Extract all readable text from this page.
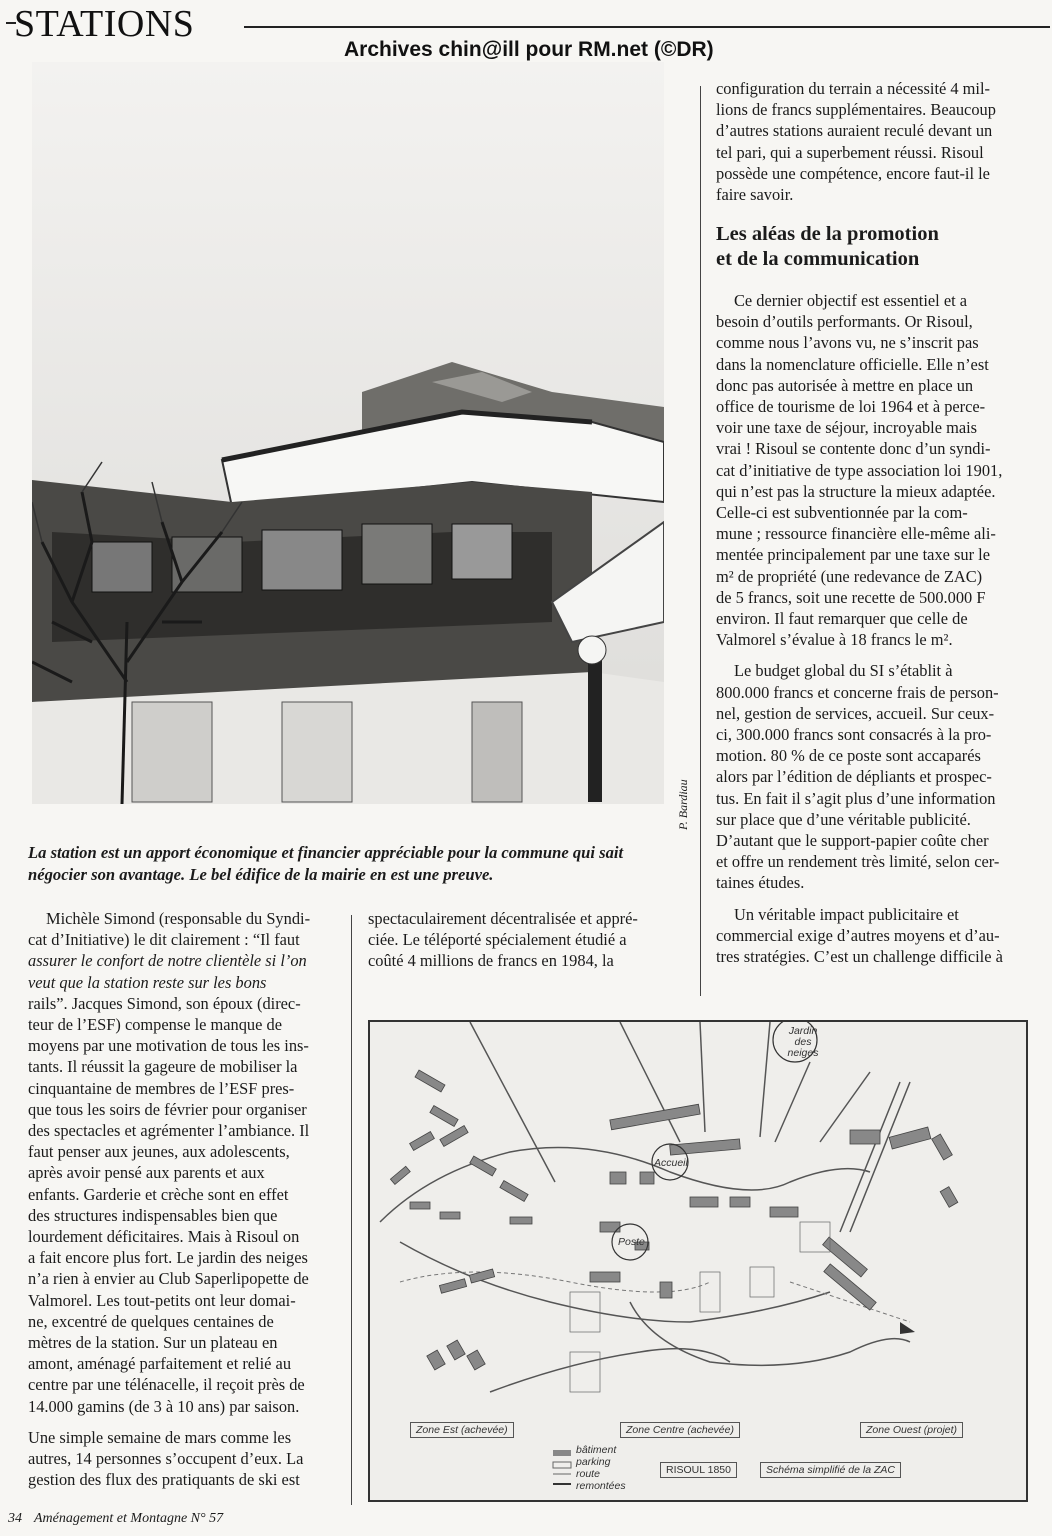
STATIONS
Archives chin@ill pour RM.net (©DR)
P. Bardiau
La station est un apport économique et financier appréciable pour la commune qui sait négocier son avantage. Le bel édifice de la mairie en est une preuve.

configuration du terrain a nécessité 4 mil-

lions de francs supplémentaires. Beaucoup

d’autres stations auraient reculé devant un

tel pari, qui a superbement réussi. Risoul

possède une compétence, encore faut-il le

faire savoir.

Les aléas de la promotion
et de la communication

Ce dernier objectif est essentiel et a

besoin d’outils performants. Or Risoul,

comme nous l’avons vu, ne s’inscrit pas

dans la nomenclature officielle. Elle n’est

donc pas autorisée à mettre en place un

office de tourisme de loi 1964 et à perce-

voir une taxe de séjour, incroyable mais

vrai ! Risoul se contente donc d’un syndi-

cat d’initiative de type association loi 1901,

qui n’est pas la structure la mieux adaptée.

Celle-ci est subventionnée par la com-

mune ; ressource financière elle-même ali-

mentée principalement par une taxe sur le

m² de propriété (une redevance de ZAC)

de 5 francs, soit une recette de 500.000 F

environ. Il faut remarquer que celle de

Valmorel s’évalue à 18 francs le m².

Le budget global du SI s’établit à

800.000 francs et concerne frais de person-

nel, gestion de services, accueil. Sur ceux-

ci, 300.000 francs sont consacrés à la pro-

motion. 80 % de ce poste sont accaparés

alors par l’édition de dépliants et prospec-

tus. En fait il s’agit plus d’une information

sur place que d’une véritable publicité.

D’autant que le support-papier coûte cher

et offre un rendement très limité, selon cer-

taines études.

Un véritable impact publicitaire et

commercial exige d’autres moyens et d’au-

tres stratégies. C’est un challenge difficile à

Michèle Simond (responsable du Syndi-

cat d’Initiative) le dit clairement : “Il faut

assurer le confort de notre clientèle si l’on

veut que la station reste sur les bons

rails”. Jacques Simond, son époux (direc-

teur de l’ESF) compense le manque de

moyens par une motivation de tous les ins-

tants. Il réussit la gageure de mobiliser la

cinquantaine de membres de l’ESF pres-

que tous les soirs de février pour organiser

des spectacles et agrémenter l’ambiance. Il

faut penser aux jeunes, aux adolescents,

après avoir pensé aux parents et aux

enfants. Garderie et crèche sont en effet

des structures indispensables bien que

lourdement déficitaires. Mais à Risoul on

a fait encore plus fort. Le jardin des neiges

n’a rien à envier au Club Saperlipopette de

Valmorel. Les tout-petits ont leur domai-

ne, excentré de quelques centaines de

mètres de la station. Sur un plateau en

amont, aménagé parfaitement et relié au

centre par une télénacelle, il reçoit près de

14.000 gamins (de 3 à 10 ans) par saison.

Une simple semaine de mars comme les

autres, 14 personnes s’occupent d’eux. La

gestion des flux des pratiquants de ski est

spectaculairement décentralisée et appré-

ciée. Le téléporté spécialement étudié a

coûté 4 millions de francs en 1984, la

Jardin des neiges
Accueil
Poste
Zone Est (achevée)	Zone Centre (achevée)	Zone Ouest (projet)
bâtiment
parking
route
remontées
RISOUL 1850	Schéma simplifié de la ZAC
34 Aménagement et Montagne N° 57
